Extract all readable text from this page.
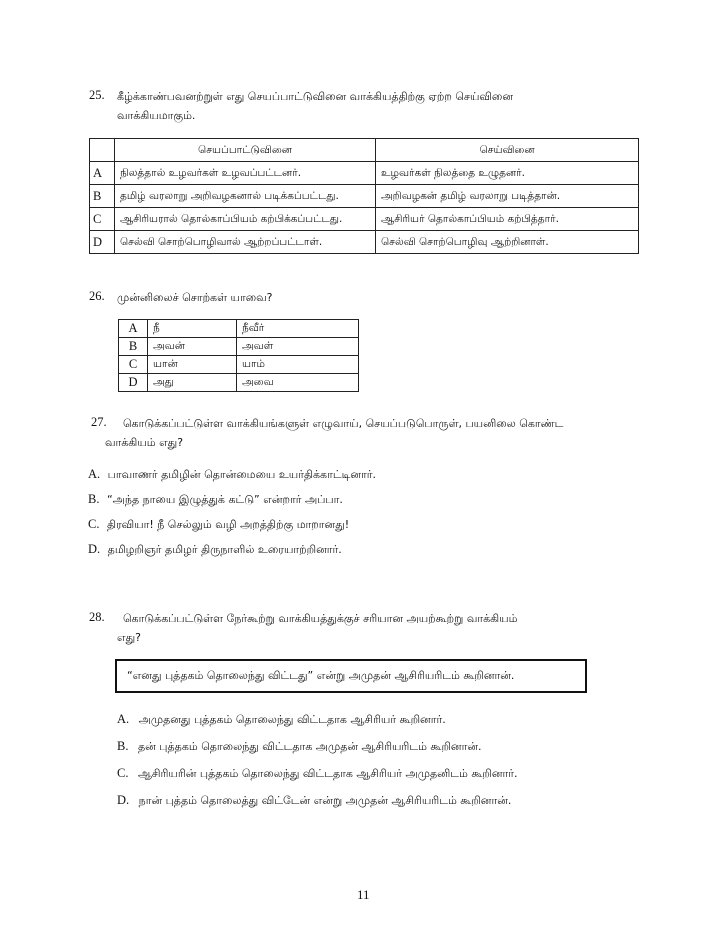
25. கீழ்க்காண்பவனற்றுள் எது செயப்பாட்டுவினை வாக்கியத்திற்கு ஏற்ற செய்வினை
வாக்கியமாகும்.
	செயப்பாட்டுவினை	செய்வினை
A	நிலத்தால் உழவர்கள் உழவப்பட்டனர்.	உழவர்கள் நிலத்தை உழுதனர்.
B	தமிழ் வரலாறு அறிவழகனால் படிக்கப்பட்டது.	அறிவழகன் தமிழ் வரலாறு படித்தான்.
C	ஆசிரியரால் தொல்காப்பியம் கற்பிக்கப்பட்டது.	ஆசிரியர் தொல்காப்பியம் கற்பித்தார்.
D	செல்வி சொற்பொழிவால் ஆற்றப்பட்டாள்.	செல்வி சொற்பொழிவு ஆற்றினாள்.
26. முன்னிலைச் சொற்கள் யாவை?
A	நீ	நீவீர்
B	அவன்	அவள்
C	யான்	யாம்
D	அது	அவை
27. கொடுக்கப்பட்டுள்ள வாக்கியங்களுள் எழுவாய், செயப்படுபொருள், பயனிலை கொண்ட
வாக்கியம் எது?
A. பாவாணர் தமிழின் தொன்மையை உயர்திக்காட்டினார்.
B. “அந்த நாயை இழுத்துக் கட்டு” என்றார் அப்பா.
C. திரவியா! நீ செல்லும் வழி அறத்திற்கு மாறானது!
D. தமிழறிஞர் தமிழர் திருநாளில் உரையாற்றினார்.
28. கொடுக்கப்பட்டுள்ள நேர்கூற்று வாக்கியத்துக்குச் சரியான அயற்கூற்று வாக்கியம்
எது?
“எனது புத்தகம் தொலைந்து விட்டது” என்று அமுதன் ஆசிரியரிடம் கூறினான்.
A. அமுதனது புத்தகம் தொலைந்து விட்டதாக ஆசிரியர் கூறினார்.
B. தன் புத்தகம் தொலைந்து விட்டதாக அமுதன் ஆசிரியரிடம் கூறினான்.
C. ஆசிரியரின் புத்தகம் தொலைந்து விட்டதாக ஆசிரியர் அமுதனிடம் கூறினார்.
D. நான் புத்தம் தொலைத்து விட்டேன் என்று அமுதன் ஆசிரியரிடம் கூறினான்.
11
